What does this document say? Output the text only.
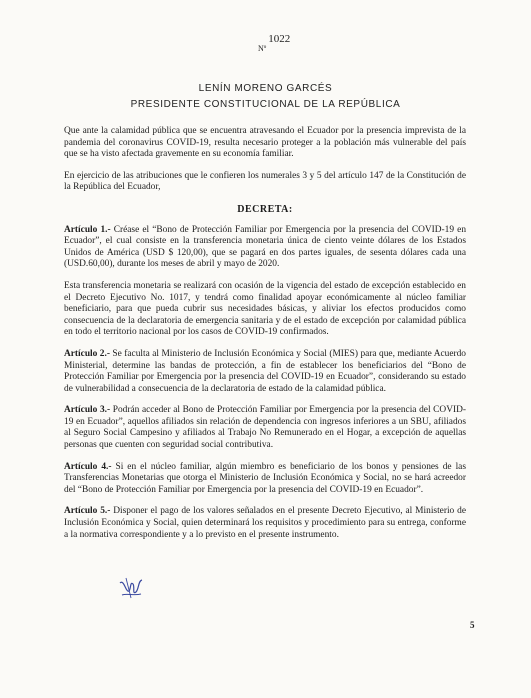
Nº
1022
LENÍN MORENO GARCÉS
PRESIDENTE CONSTITUCIONAL DE LA REPÚBLICA

Que ante la calamidad pública que se encuentra atravesando el Ecuador por la presencia imprevista de la pandemia del coronavirus COVID-19, resulta necesario proteger a la población más vulnerable del país que se ha visto afectada gravemente en su economía familiar.

En ejercicio de las atribuciones que le confieren los numerales 3 y 5 del artículo 147 de la Constitución de la República del Ecuador,

DECRETA:

Artículo 1.- Créase el “Bono de Protección Familiar por Emergencia por la presencia del COVID-19 en Ecuador”, el cual consiste en la transferencia monetaria única de ciento veinte dólares de los Estados Unidos de América (USD $ 120,00), que se pagará en dos partes iguales, de sesenta dólares cada una (USD.60,00), durante los meses de abril y mayo de 2020.

Esta transferencia monetaria se realizará con ocasión de la vigencia del estado de excepción establecido en el Decreto Ejecutivo No. 1017, y tendrá como finalidad apoyar económicamente al núcleo familiar beneficiario, para que pueda cubrir sus necesidades básicas, y aliviar los efectos producidos como consecuencia de la declaratoria de emergencia sanitaria y de el estado de excepción por calamidad pública en todo el territorio nacional por los casos de COVID-19 confirmados.

Artículo 2.- Se faculta al Ministerio de Inclusión Económica y Social (MIES) para que, mediante Acuerdo Ministerial, determine las bandas de protección, a fin de establecer los beneficiarios del “Bono de Protección Familiar por Emergencia por la presencia del COVID-19 en Ecuador”, considerando su estado de vulnerabilidad a consecuencia de la declaratoria de estado de la calamidad pública.

Artículo 3.- Podrán acceder al Bono de Protección Familiar por Emergencia por la presencia del COVID-19 en Ecuador”, aquellos afiliados sin relación de dependencia con ingresos inferiores a un SBU, afiliados al Seguro Social Campesino y afiliados al Trabajo No Remunerado en el Hogar, a excepción de aquellas personas que cuenten con seguridad social contributiva.

Artículo 4.- Si en el núcleo familiar, algún miembro es beneficiario de los bonos y pensiones de las Transferencias Monetarias que otorga el Ministerio de Inclusión Económica y Social, no se hará acreedor del “Bono de Protección Familiar por Emergencia por la presencia del COVID-19 en Ecuador”.

Artículo 5.- Disponer el pago de los valores señalados en el presente Decreto Ejecutivo, al Ministerio de Inclusión Económica y Social, quien determinará los requisitos y procedimiento para su entrega, conforme a la normativa correspondiente y a lo previsto en el presente instrumento.

5
